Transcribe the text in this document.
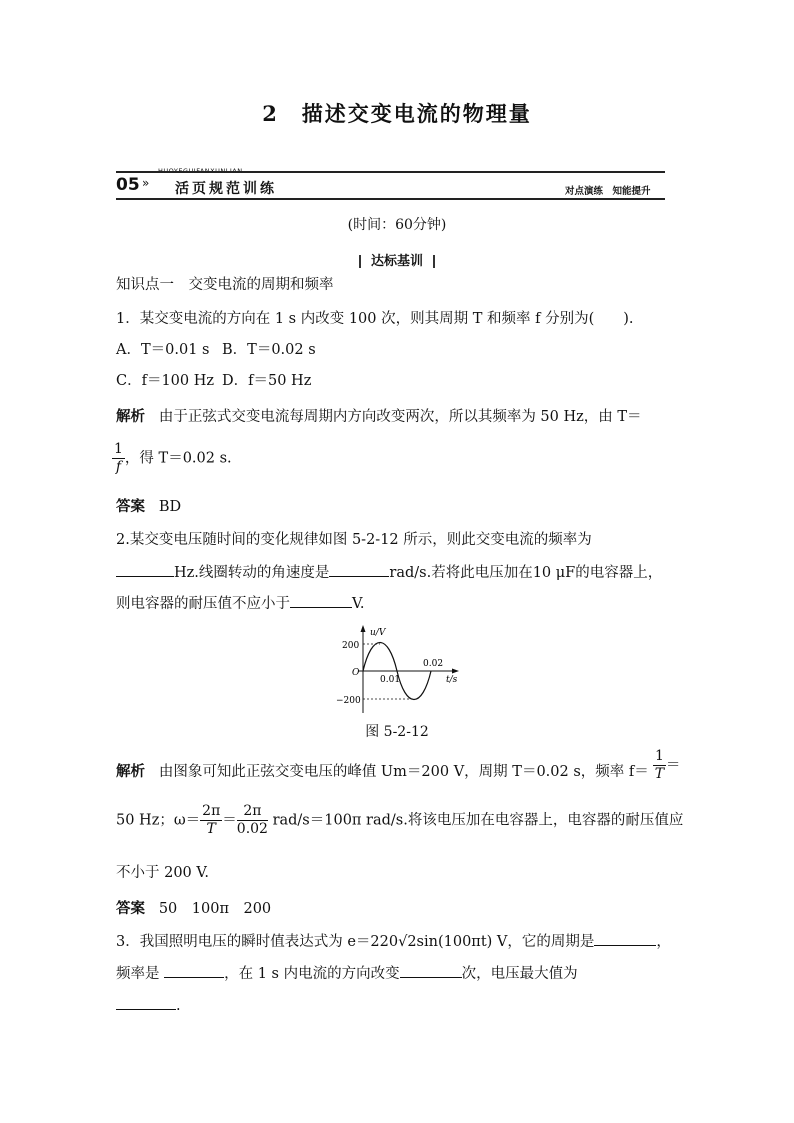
2　描述交变电流的物理量
05 » 活页规范训练	对点演练　知能提升
(时间：60分钟)
达标基训
知识点一　交变电流的周期和频率
1．某交变电流的方向在 1 s 内改变 100 次，则其周期 T 和频率 f 分别为(　　).
A．T＝0.01 s B．T＝0.02 s
C．f＝100 Hz D．f＝50 Hz
解析 由于正弦式交变电流每周期内方向改变两次，所以其频率为 50 Hz，由 T＝
$\frac{1}{f}$ ，得 T＝0.02 s.
答案 BD
2.某交变电压随时间的变化规律如图 5-2-12 所示，则此交变电流的频率为
Hz.线圈转动的角速度是	rad/s.若将此电压加在10 μF的电容器上，
则电容器的耐压值不应小于	V.
u/V
200
O
−200
0.01
0.02
t/s
图 5-2-12
解析 由图象可知此正弦交变电压的峰值 Um＝200 V，周期 T＝0.02 s，频率 $f= \frac{1}{T}$ ＝
50 Hz；$\omega= \frac{2\pi}{T} = \frac{2\pi}{0.02} rad/s=100\pi$ rad/s.将该电压加在电容器上，电容器的耐压值应
不小于 200 V.
答案 50　100π　200
3．我国照明电压的瞬时值表达式为 e＝220√2sin(100πt) V，它的周期是	，
频率是	，在 1 s 内电流的方向改变	次，电压最大值为
.
